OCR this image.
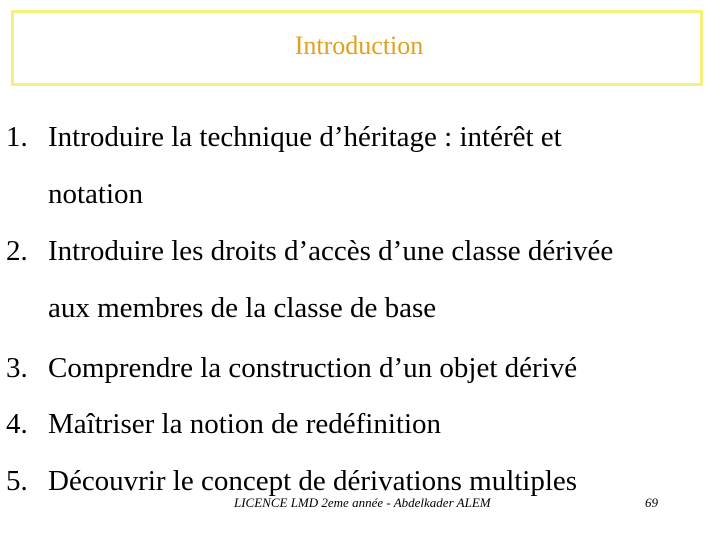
Introduction
1. Introduire la technique d’héritage : intérêt et
notation
2. Introduire les droits d’accès d’une classe dérivée
aux membres de la classe de base
3. Comprendre la construction d’un objet dérivé
4. Maîtriser la notion de redéfinition
5. Découvrir le concept de dérivations multiples
LICENCE LMD 2eme année - Abdelkader ALEM	69
